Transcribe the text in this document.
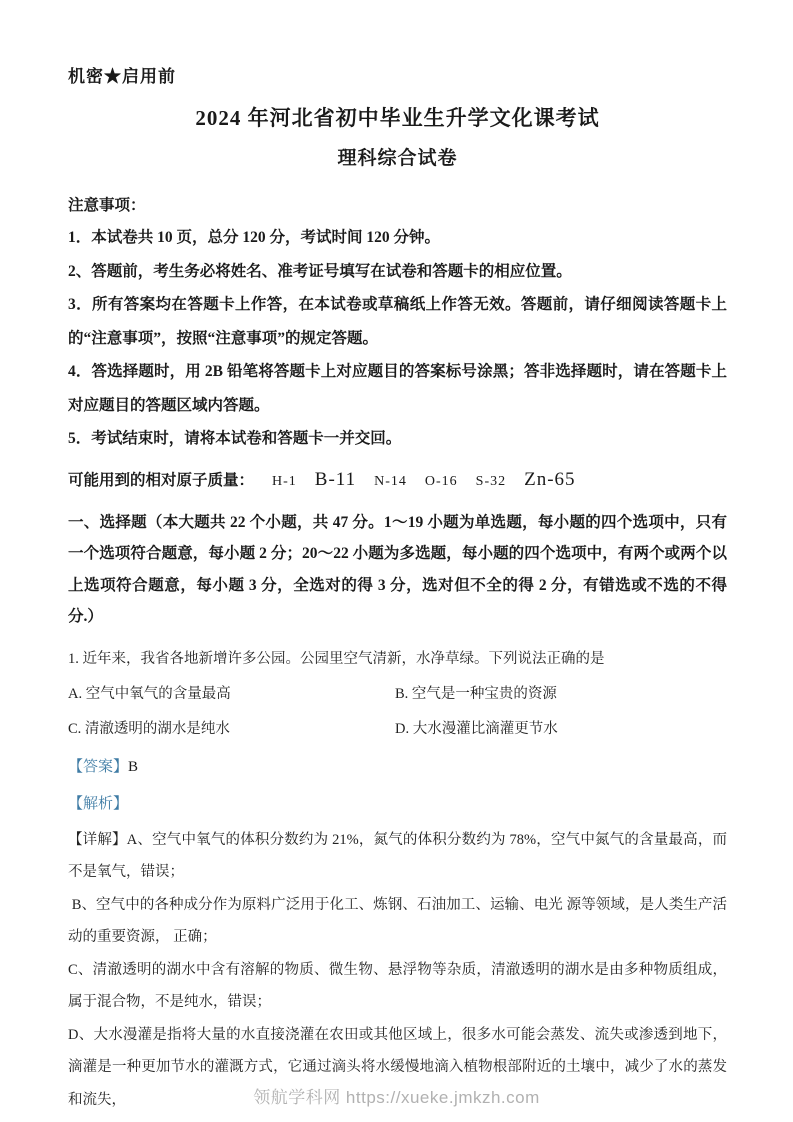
机密★启用前

2024 年河北省初中毕业生升学文化课考试
理科综合试卷

注意事项：

1．本试卷共 10 页，总分 120 分，考试时间 120 分钟。

2、答题前，考生务必将姓名、准考证号填写在试卷和答题卡的相应位置。

3．所有答案均在答题卡上作答，在本试卷或草稿纸上作答无效。答题前，请仔细阅读答题卡上的“注意事项”，按照“注意事项”的规定答题。

4．答选择题时，用 2B 铅笔将答题卡上对应题目的答案标号涂黑；答非选择题时，请在答题卡上对应题目的答题区域内答题。

5．考试结束时，请将本试卷和答题卡一并交回。

可能用到的相对原子质量： H-1 B-11 N-14 O-16 S-32 Zn-65

一、选择题（本大题共 22 个小题，共 47 分。1～19 小题为单选题，每小题的四个选项中，只有一个选项符合题意，每小题 2 分；20～22 小题为多选题，每小题的四个选项中，有两个或两个以上选项符合题意，每小题 3 分，全选对的得 3 分，选对但不全的得 2 分，有错选或不选的不得分.）

1. 近年来，我省各地新增许多公园。公园里空气清新，水净草绿。下列说法正确的是

A. 空气中氧气的含量最高	B. 空气是一种宝贵的资源
C. 清澈透明的湖水是纯水	D. 大水漫灌比滴灌更节水

【答案】B

【解析】

【详解】A、空气中氧气的体积分数约为 21%，氮气的体积分数约为 78%，空气中氮气的含量最高，而不是氧气，错误；

B、空气中的各种成分作为原料广泛用于化工、炼钢、石油加工、运输、电光 源等领域，是人类生产活动的重要资源， 正确；

C、清澈透明的湖水中含有溶解的物质、微生物、悬浮物等杂质，清澈透明的湖水是由多种物质组成，属于混合物，不是纯水，错误；

D、大水漫灌是指将大量的水直接浇灌在农田或其他区域上，很多水可能会蒸发、流失或渗透到地下，滴灌是一种更加节水的灌溉方式，它通过滴头将水缓慢地滴入植物根部附近的土壤中，减少了水的蒸发和流失，	领航学科网 https://xueke.jmkzh.com
